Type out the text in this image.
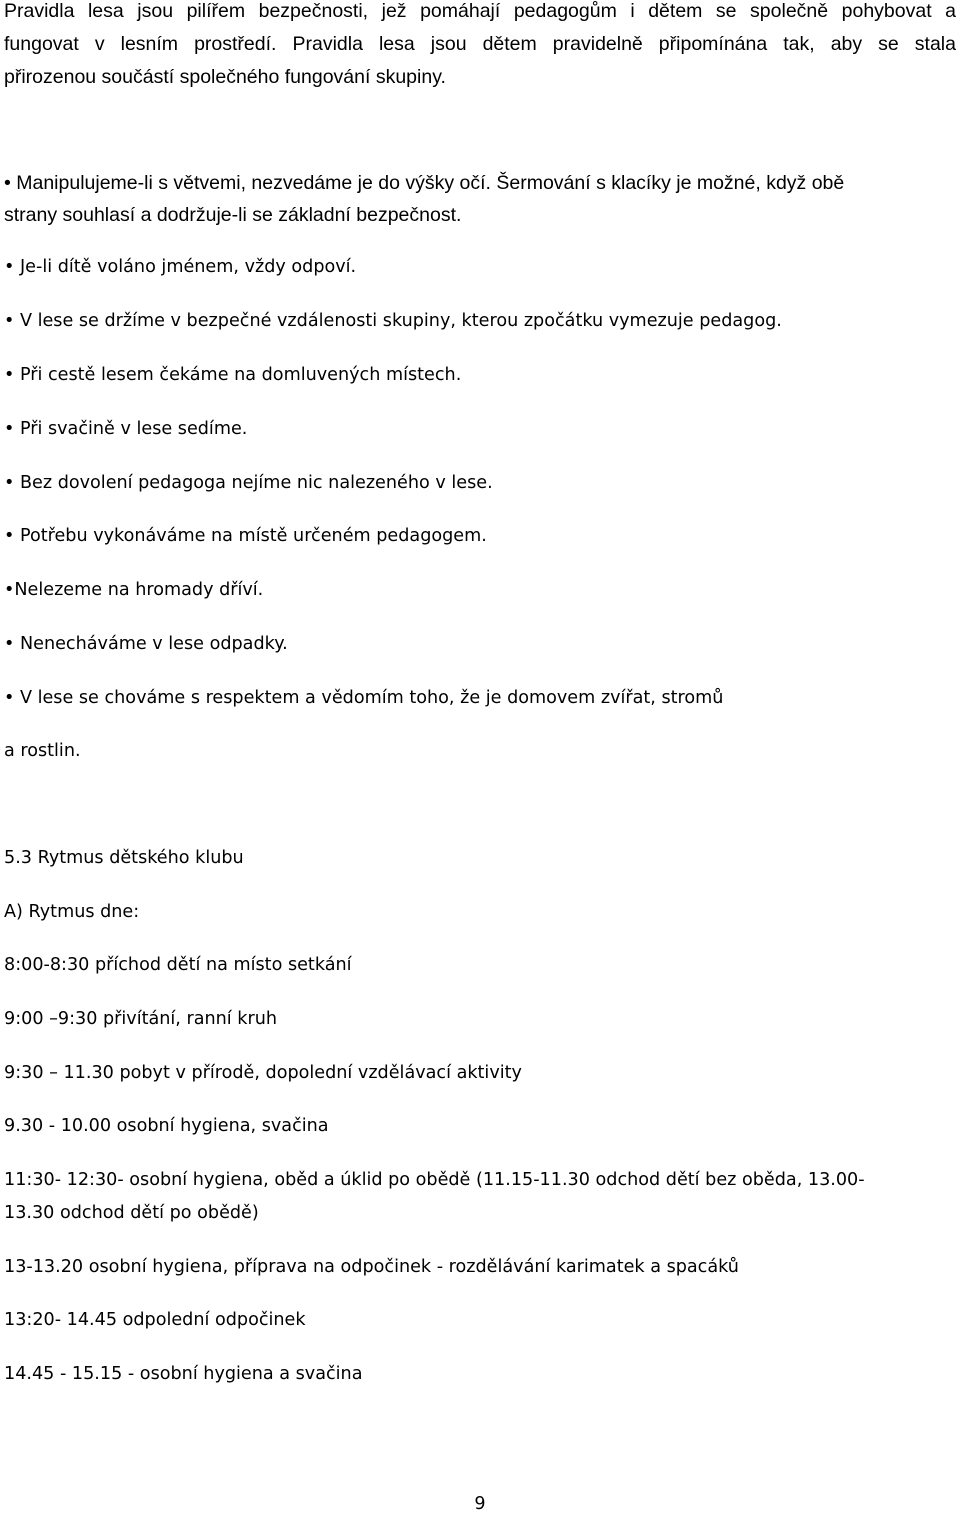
Pravidla lesa jsou pilířem bezpečnosti, jež pomáhají pedagogům i dětem se společně pohybovat a

fungovat v lesním prostředí. Pravidla lesa jsou dětem pravidelně připomínána tak, aby se stala

přirozenou součástí společného fungování skupiny.

• Manipulujeme-li s větvemi, nezvedáme je do výšky očí. Šermování s klacíky je možné, když obě

strany souhlasí a dodržuje-li se základní bezpečnost.

• Je-li dítě voláno jménem, vždy odpoví.

• V lese se držíme v bezpečné vzdálenosti skupiny, kterou zpočátku vymezuje pedagog.

• Při cestě lesem čekáme na domluvených místech.

• Při svačině v lese sedíme.

• Bez dovolení pedagoga nejíme nic nalezeného v lese.

• Potřebu vykonáváme na místě určeném pedagogem.

•Nelezeme na hromady dříví.

• Nenecháváme v lese odpadky.

• V lese se chováme s respektem a vědomím toho, že je domovem zvířat, stromů

a rostlin.

5.3 Rytmus dětského klubu

A) Rytmus dne:

8:00-8:30 příchod dětí na místo setkání

9:00 –9:30 přivítání, ranní kruh

9:30 – 11.30 pobyt v přírodě, dopolední vzdělávací aktivity

9.30 - 10.00 osobní hygiena, svačina

11:30- 12:30- osobní hygiena, oběd a úklid po obědě (11.15-11.30 odchod dětí bez oběda, 13.00-

13.30 odchod dětí po obědě)

13-13.20 osobní hygiena, příprava na odpočinek - rozdělávání karimatek a spacáků

13:20- 14.45 odpolední odpočinek

14.45 - 15.15 - osobní hygiena a svačina

9
